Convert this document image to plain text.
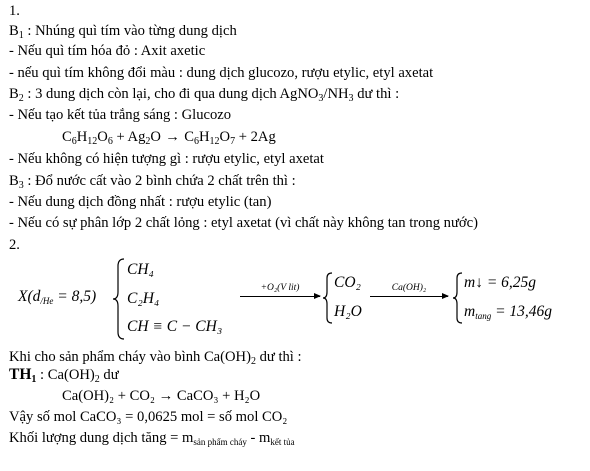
1.
$B_1$ : Nhúng quì tím vào từng dung dịch
- Nếu quì tím hóa đỏ : Axit axetic
- nếu quì tím không đổi màu : dung dịch glucozo, rượu etylic, etyl axetat
$B_2$ : 3 dung dịch còn lại, cho đi qua dung dịch $AgNO_3/NH_3$ dư thì :
- Nếu tạo kết tủa trắng sáng : Glucozo
$C_6H_{12}O_6 + Ag_2O \to C_6H_{12}O_7 + 2Ag$
- Nếu không có hiện tượng gì : rượu etylic, etyl axetat
$B_3$ : Đổ nước cất vào 2 bình chứa 2 chất trên thì :
- Nếu dung dịch đồng nhất : rượu etylic (tan)
- Nếu có sự phân lớp 2 chất lỏng : etyl axetat (vì chất này không tan trong nước)
2.
$X(d_{/He} = 8,5)$
CH₄
C₂H₄
CH ≡ C − CH₃
+O₂(V lit)	CO₂
H₂O
Ca(OH)₂	m↓ = 6,25g
$m_{tang} = 13,46g$
Khi cho sản phẩm cháy vào bình $Ca(OH)_2$ dư thì :
$TH_1$ : $Ca(OH)_2$ dư
Ca(OH)₂ + CO₂ → CaCO₃ + H₂O
Vậy số mol CaCO₃ = 0,0625 mol = số mol CO₂
Khối lượng dung dịch tăng = $m_{sản phẩm cháy} - m_{kết tủa}$
